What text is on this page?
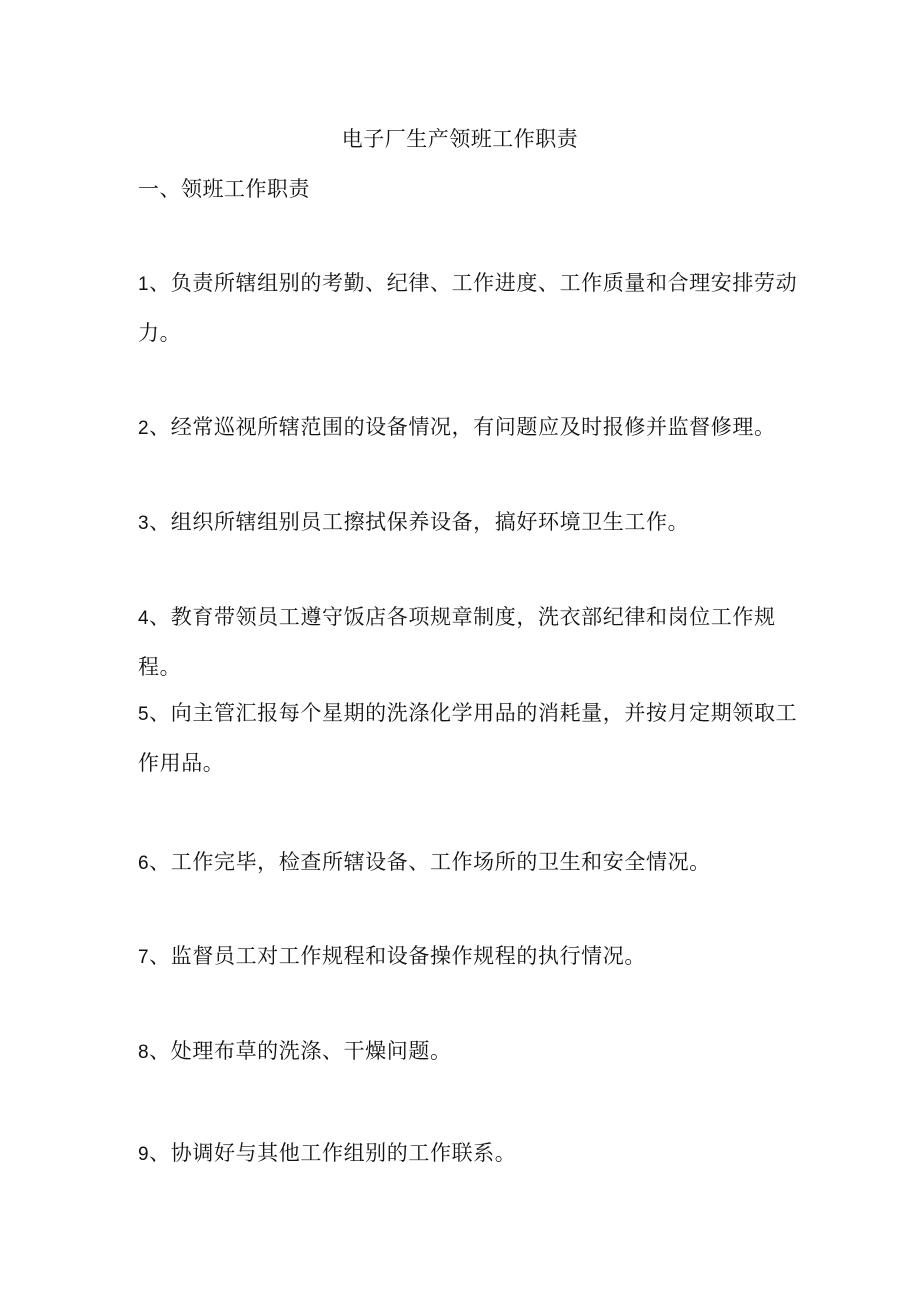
电子厂生产领班工作职责
一、领班工作职责
1、负责所辖组别的考勤、纪律、工作进度、工作质量和合理安排劳动力。
2、经常巡视所辖范围的设备情况，有问题应及时报修并监督修理。
3、组织所辖组别员工擦拭保养设备，搞好环境卫生工作。
4、教育带领员工遵守饭店各项规章制度，洗衣部纪律和岗位工作规程。
5、向主管汇报每个星期的洗涤化学用品的消耗量，并按月定期领取工作用品。
6、工作完毕，检查所辖设备、工作场所的卫生和安全情况。
7、监督员工对工作规程和设备操作规程的执行情况。
8、处理布草的洗涤、干燥问题。
9、协调好与其他工作组别的工作联系。
